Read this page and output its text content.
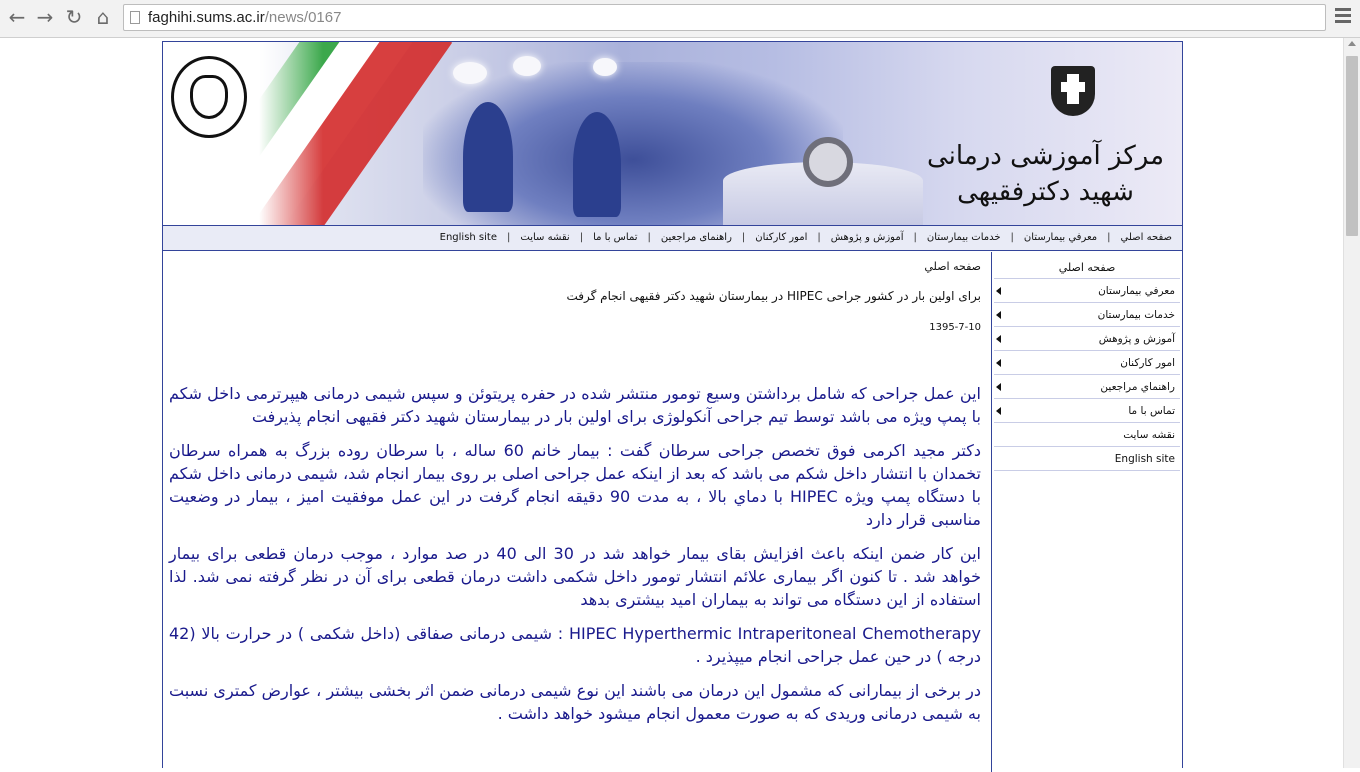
← → ↻ ⌂	faghihi.sums.ac.ir/news/0167
مرکز آموزشی درمانی
شهید دکترفقیهی
صفحه اصلي|معرفي بيمارستان|خدمات بیمارستان|آموزش و پژوهش|امور کارکنان|راهنمای مراجعین|تماس با ما|نقشه سایت|English site
صفحه اصلي
معرفي بيمارستان
خدمات بيمارستان
آموزش و پژوهش
امور کارکنان
راهنماي مراجعين
تماس با ما
نقشه سايت
English site
صفحه اصلي
برای اولین بار در کشور جراحی HIPEC در بیمارستان شهید دکتر فقیهی انجام گرفت
1395-7-10

این عمل جراحی که شامل برداشتن وسیع تومور منتشر شده در حفره پریتوئن و سپس شیمی درمانی هیپرترمی داخل شکم با پمپ ویژه می باشد توسط تیم جراحی آنکولوژی برای اولین بار در بیمارستان شهید دکتر فقیهی انجام پذیرفت

دکتر مجید اکرمی فوق تخصص جراحی سرطان گفت : بیمار خانم 60 ساله ، با سرطان روده بزرگ به همراه سرطان تخمدان با انتشار داخل شکم می باشد که بعد از اینکه عمل جراحی اصلی بر روی بیمار انجام شد، شیمی درمانی داخل شکم با دستگاه پمپ ویژه HIPEC با دماي بالا ، به مدت 90 دقیقه انجام گرفت در این عمل موفقیت امیز ، بیمار در وضعیت مناسبی قرار دارد

این کار ضمن اینکه باعث افزایش بقای بیمار خواهد شد در 30 الی 40 در صد موارد ، موجب درمان قطعی برای بیمار خواهد شد . تا کنون اگر بیماری علائم انتشار تومور داخل شکمی داشت درمان قطعی برای آن در نظر گرفته نمی شد. لذا استفاده از این دستگاه می تواند به بیماران امید بیشتری بدهد

HIPEC Hyperthermic Intraperitoneal Chemotherapy : شیمی درمانی صفاقی (داخل شکمی ) در حرارت بالا (42 درجه ) در حین عمل جراحی انجام میپذیرد .

در برخی از بیمارانی که مشمول این درمان می باشند این نوع شیمی درمانی ضمن اثر بخشی بیشتر ، عوارض کمتری نسبت به شیمی درمانی وریدی که به صورت معمول انجام میشود خواهد داشت .
